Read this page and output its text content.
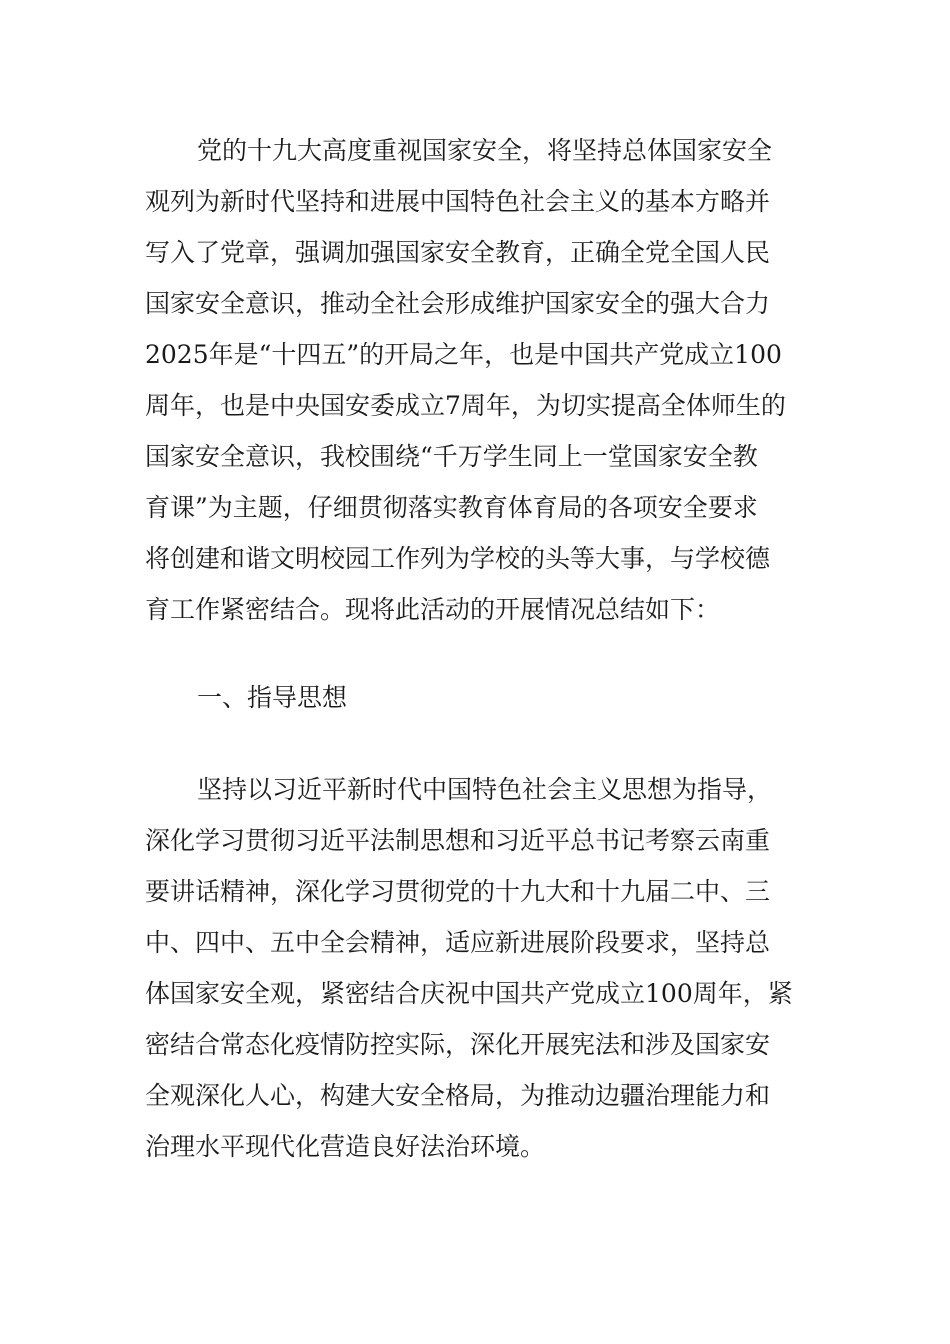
党的十九大高度重视国家安全，将坚持总体国家安全
观列为新时代坚持和进展中国特色社会主义的基本方略并
写入了党章，强调加强国家安全教育，正确全党全国人民
国家安全意识，推动全社会形成维护国家安全的强大合力
2025年是“十四五”的开局之年，也是中国共产党成立100
周年，也是中央国安委成立7周年，为切实提高全体师生的
国家安全意识，我校围绕“千万学生同上一堂国家安全教
育课”为主题，仔细贯彻落实教育体育局的各项安全要求
将创建和谐文明校园工作列为学校的头等大事，与学校德
育工作紧密结合。现将此活动的开展情况总结如下：
一、指导思想
坚持以习近平新时代中国特色社会主义思想为指导，
深化学习贯彻习近平法制思想和习近平总书记考察云南重
要讲话精神，深化学习贯彻党的十九大和十九届二中、三
中、四中、五中全会精神，适应新进展阶段要求，坚持总
体国家安全观，紧密结合庆祝中国共产党成立100周年，紧
密结合常态化疫情防控实际，深化开展宪法和涉及国家安
全观深化人心，构建大安全格局，为推动边疆治理能力和
治理水平现代化营造良好法治环境。
